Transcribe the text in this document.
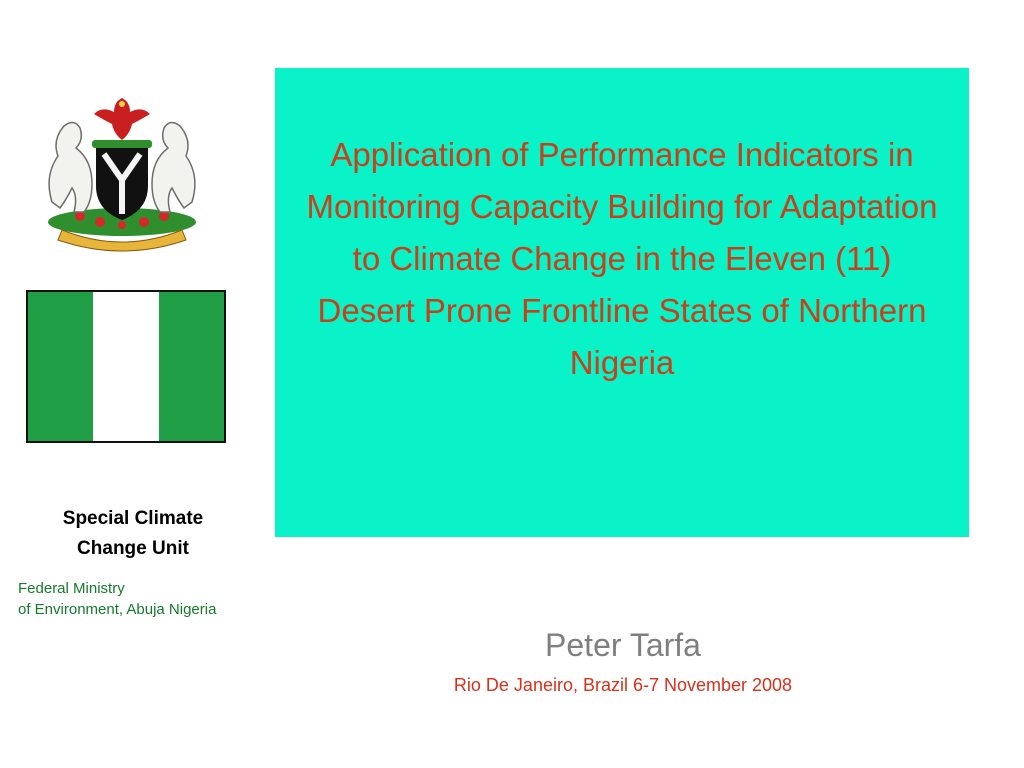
Special Climate
Change Unit
Federal Ministry
of Environment, Abuja Nigeria
Application of Performance Indicators in Monitoring Capacity Building for Adaptation to Climate Change in the Eleven (11) Desert Prone Frontline States of Northern Nigeria
Peter Tarfa
Rio De Janeiro, Brazil 6-7 November 2008
